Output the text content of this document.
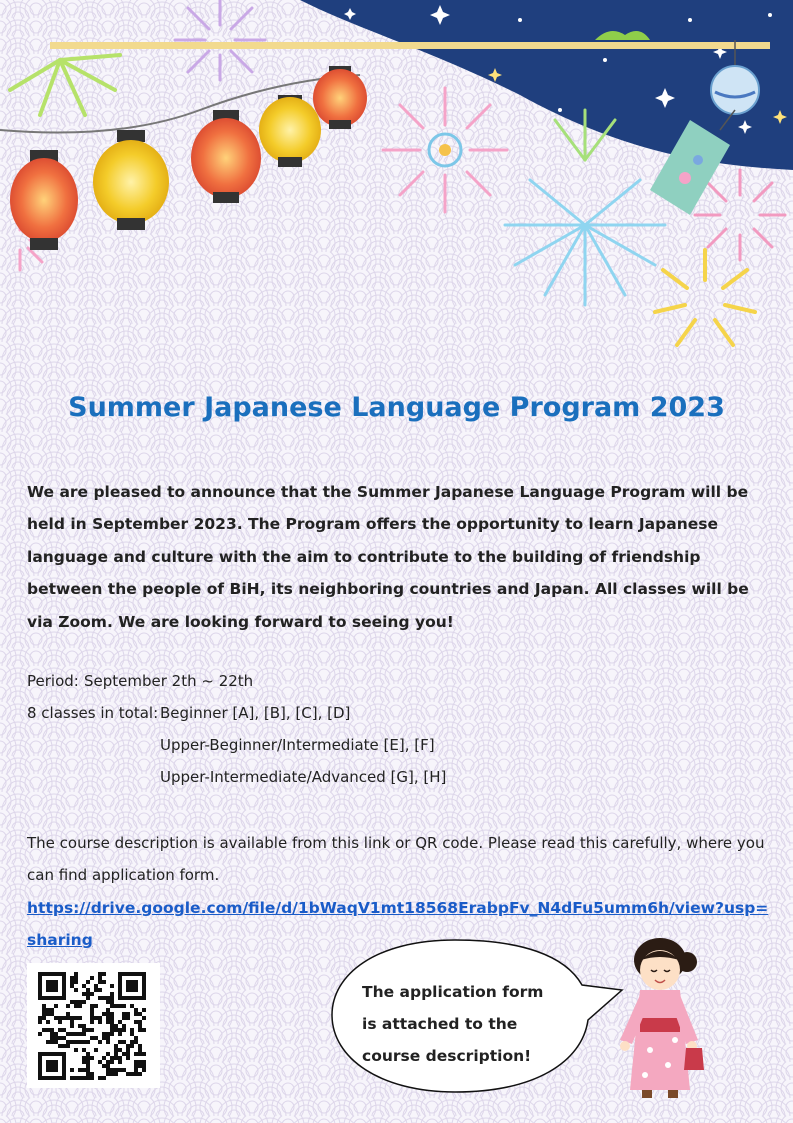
Summer Japanese Language Program 2023
We are pleased to announce that the Summer Japanese Language Program will be held in September 2023. The Program offers the opportunity to learn Japanese language and culture with the aim to contribute to the building of friendship between the people of BiH, its neighboring countries and Japan. All classes will be via Zoom. We are looking forward to seeing you!
Period: September 2th ~ 22th
8 classes in total: Beginner [A], [B], [C], [D]
Upper-Beginner/Intermediate [E], [F]
Upper-Intermediate/Advanced [G], [H]
The course description is available from this link or QR code. Please read this carefully, where you can find application form.
https://drive.google.com/file/d/1bWaqV1mt18568ErabpFv_N4dFu5umm6h/view?usp=sharing
The application form is attached to the course description!
